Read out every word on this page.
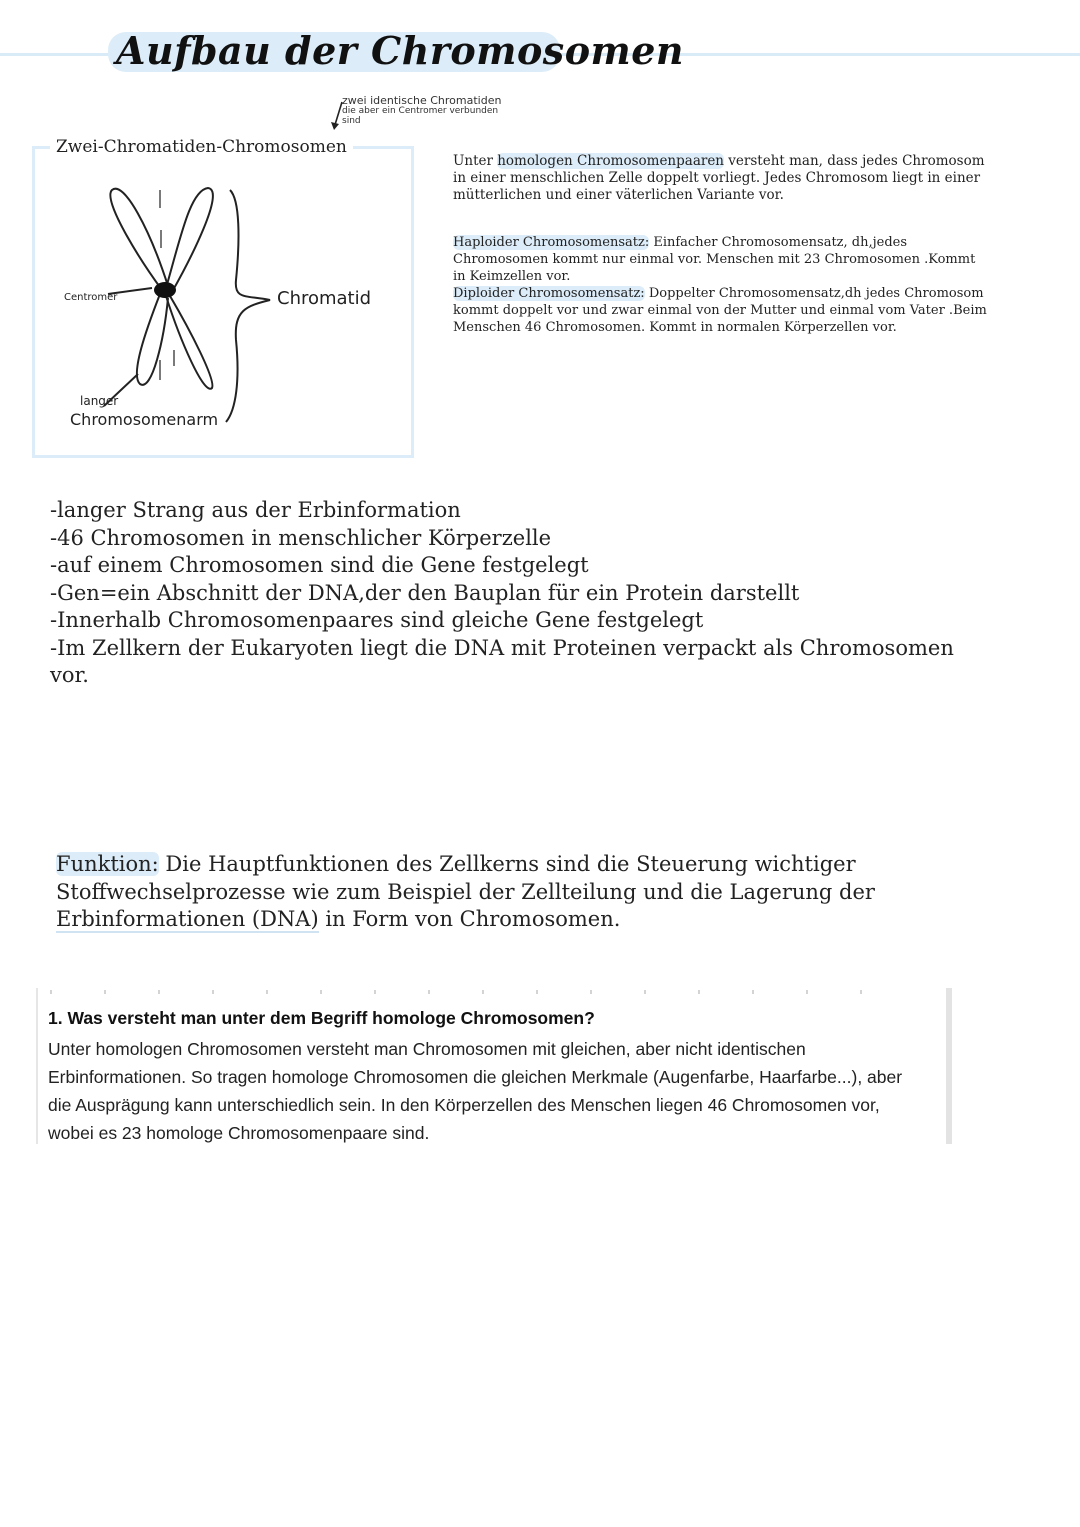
Aufbau der Chromosomen
zwei identische Chromatiden
die aber ein Centromer verbunden
sind
Zwei-Chromatiden-Chromosomen
Centromer	Chromatid
langer
Chromosomenarm
Unter homologen Chromosomenpaaren versteht man, dass jedes Chromosom
in einer menschlichen Zelle doppelt vorliegt. Jedes Chromosom liegt in einer
mütterlichen und einer väterlichen Variante vor.
Haploider Chromosomensatz: Einfacher Chromosomensatz, dh,jedes
Chromosomen kommt nur einmal vor. Menschen mit 23 Chromosomen .Kommt
in Keimzellen vor.
Diploider Chromosomensatz: Doppelter Chromosomensatz,dh jedes Chromosom
kommt doppelt vor und zwar einmal von der Mutter und einmal vom Vater .Beim
Menschen 46 Chromosomen. Kommt in normalen Körperzellen vor.
-langer Strang aus der Erbinformation
-46 Chromosomen in menschlicher Körperzelle
-auf einem Chromosomen sind die Gene festgelegt
-Gen=ein Abschnitt der DNA,der den Bauplan für ein Protein darstellt
-Innerhalb Chromosomenpaares sind gleiche Gene festgelegt
-Im Zellkern der Eukaryoten liegt die DNA mit Proteinen verpackt als Chromosomen
vor.
Funktion: Die Hauptfunktionen des Zellkerns sind die Steuerung wichtiger
Stoffwechselprozesse wie zum Beispiel der Zellteilung und die Lagerung der
Erbinformationen (DNA) in Form von Chromosomen.
1. Was versteht man unter dem Begriff homologe Chromosomen?
Unter homologen Chromosomen versteht man Chromosomen mit gleichen, aber nicht identischen
Erbinformationen. So tragen homologe Chromosomen die gleichen Merkmale (Augenfarbe, Haarfarbe...), aber
die Ausprägung kann unterschiedlich sein. In den Körperzellen des Menschen liegen 46 Chromosomen vor,
wobei es 23 homologe Chromosomenpaare sind.
